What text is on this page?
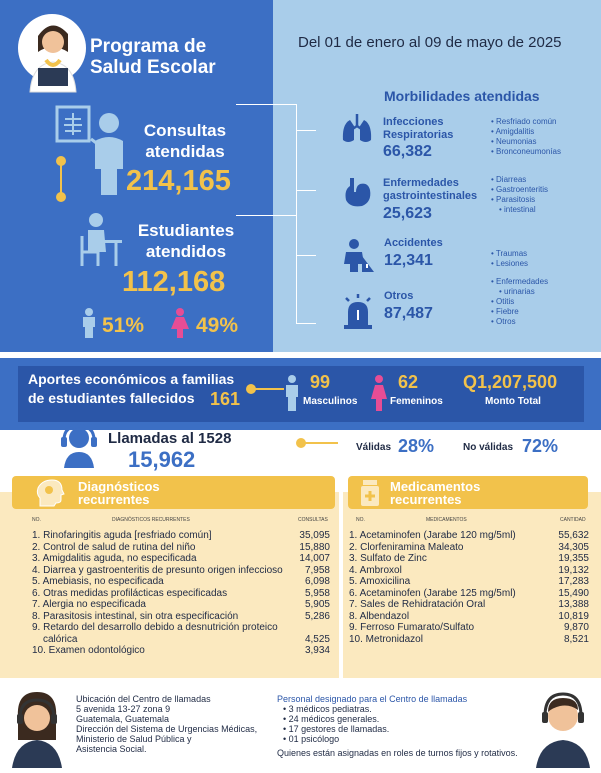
Programa de
Salud Escolar
Del 01 de enero al 09 de mayo de 2025
Consultas
atendidas
214,165
Estudiantes
atendidos
112,168
51% 49%
Morbilidades atendidas
Infecciones
Respiratorias
66,382
• Resfriado común
• Amigdalitis
• Neumonias
• Bronconeumonías
Enfermedades
gastrointestinales
25,623
• Diarreas
• Gastroenteritis
• Parasitosis
• intestinal
Accidentes
12,341
•	Traumas
• Lesiones
Otros
87,487
• Enfermedades
• urinarias
• Otitis
• Fiebre
• Otros
Aportes económicos a familias
de estudiantes fallecidos 161
99
Masculinos
62
Femeninos
Q1,207,500
Monto Total
Llamadas al 1528
15,962	Válidas 28%	No válidas 72%
Diagnósticos
recurrentes
NO.	DIAGNÓSTICOS RECURRENTES	CONSULTAS
1. Rinofaringitis aguda [resfriado común]	35,095
2. Control de salud de rutina del niño	15,880
3. Amigdalitis aguda, no especificada	14,007
4. Diarrea y gastroenteritis de presunto origen infeccioso 7,958
5. Amebiasis, no especificada	6,098
6. Otras medidas profilácticas especificadas	5,958
7. Alergia no especificada	5,905
8. Parasitosis intestinal, sin otra especificación	5,286
9. Retardo del desarrollo debido a desnutrición proteico
calórica	4,525
10. Examen odontológico	3,934
Medicamentos
recurrentes
NO.	MEDICAMENTOS	CANTIDAD
1. Acetaminofen (Jarabe 120 mg/5ml)	55,632
2. Clorfeniramina Maleato	34,305
3. Sulfato de Zinc	19,355
4. Ambroxol	19,132
5. Amoxicilina	17,283
6. Acetaminofen (Jarabe 125 mg/5ml)	15,490
7. Sales de Rehidratación Oral	13,388
8. Albendazol	10,819
9. Ferroso Fumarato/Sulfato	9,870
10. Metronidazol	8,521
Ubicación del Centro de llamadas
5 avenida 13-27 zona 9
Guatemala, Guatemala
Dirección del Sistema de Urgencias Médicas,
Ministerio de Salud Pública y
Asistencia Social.
Personal designado para el Centro de llamadas
• 3 médicos pediatras.
• 24 médicos generales.
• 17 gestores de llamadas.
• 01 psicólogo
Quienes están asignadas en roles de turnos fijos y rotativos.
